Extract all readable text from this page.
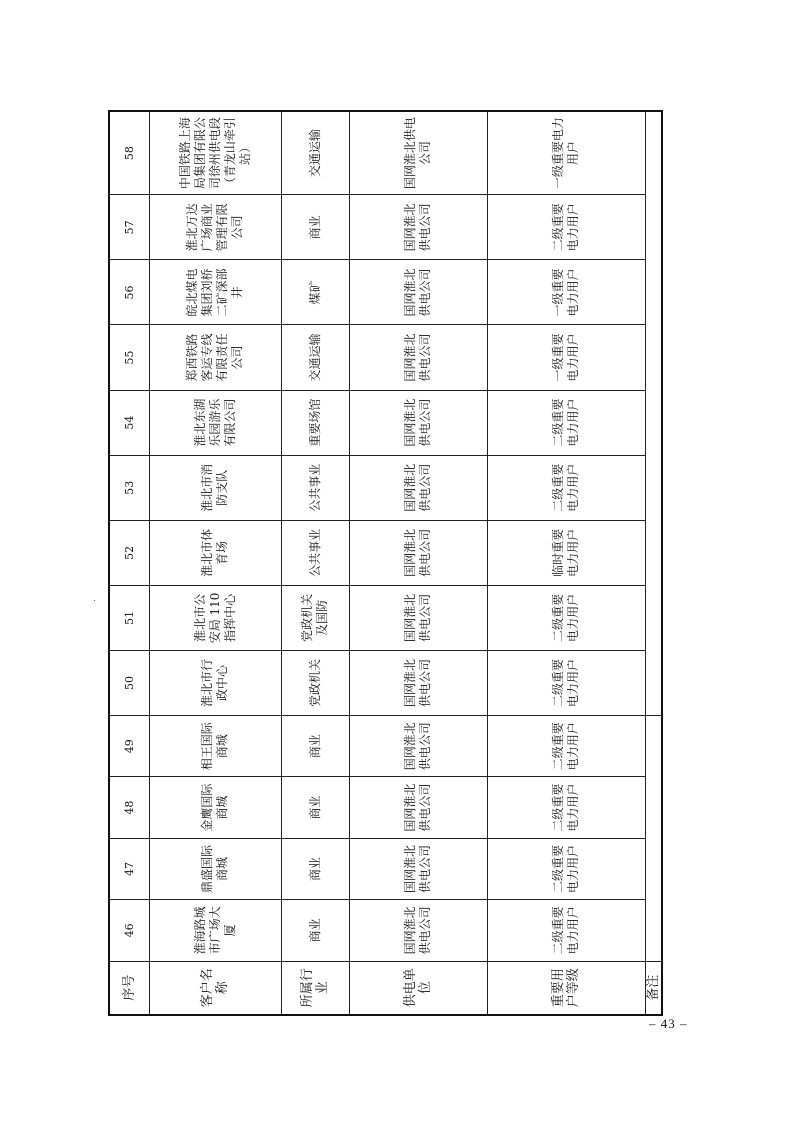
序号	46	47	48	49	50	51	52	53	54	55	56	57	58
客户名称	淮海路城市广场大厦	鼎盛国际商城	金鹰国际商城	相王国际商城	淮北市行政中心	淮北市公安局 110 指挥中心	淮北市体育场	淮北市消防支队	淮北东湖乐园游乐有限公司	郑西铁路客运专线有限责任公司	皖北煤电集团刘桥二矿深部井	淮北万达广场商业管理有限公司	中国铁路上海局集团有限公司徐州供电段（青龙山牵引站）
所属行业	商业	商业	商业	商业	党政机关	党政机关及国防	公共事业	公共事业	重要场馆	交通运输	煤矿	商业	交通运输
供电单位	国网淮北供电公司	国网淮北供电公司	国网淮北供电公司	国网淮北供电公司	国网淮北供电公司	国网淮北供电公司	国网淮北供电公司	国网淮北供电公司	国网淮北供电公司	国网淮北供电公司	国网淮北供电公司	国网淮北供电公司	国网淮北供电公司
重要用户等级	二级重要电力用户	二级重要电力用户	二级重要电力用户	二级重要电力用户	二级重要电力用户	二级重要电力用户	临时重要电力用户	二级重要电力用户	二级重要电力用户	一级重要电力用户	一级重要电力用户	二级重要电力用户	一级重要电力用户
备注													
– 43 –
